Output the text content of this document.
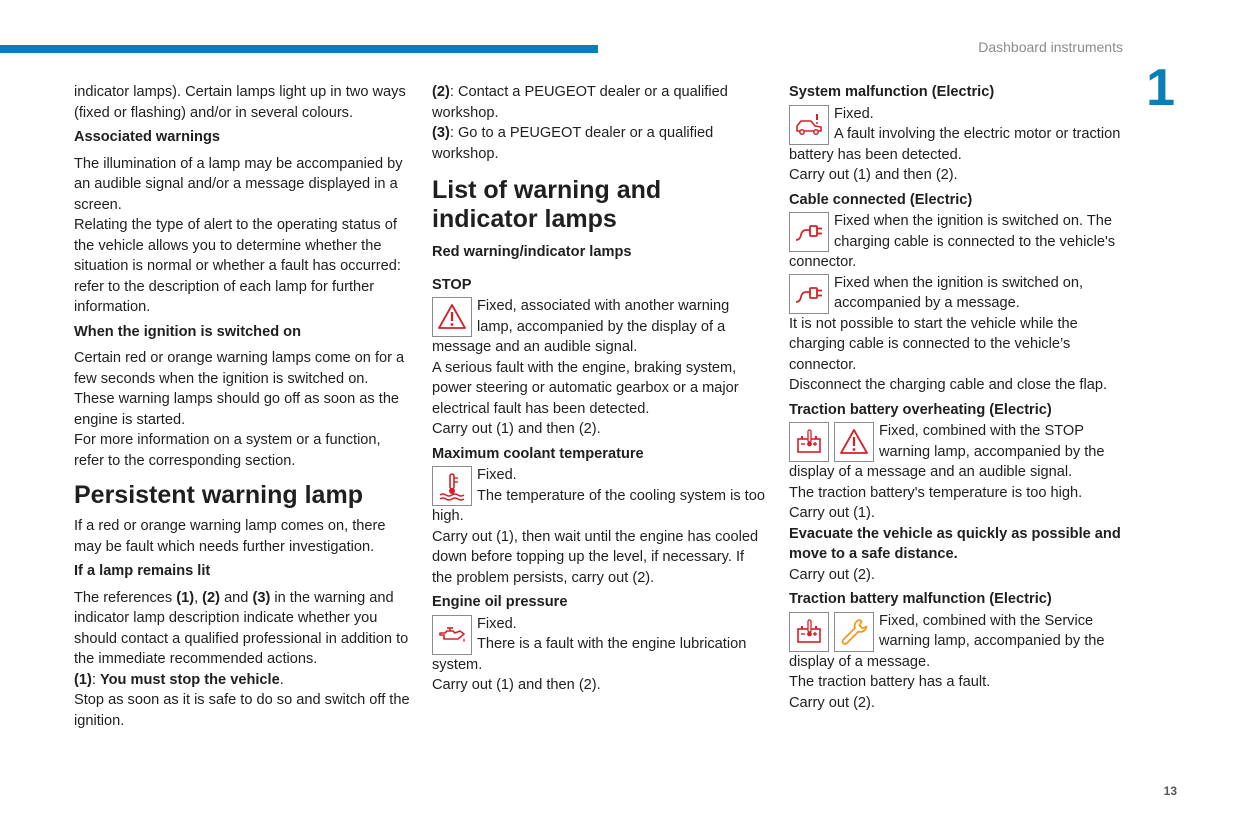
Dashboard instruments
1
13

indicator lamps). Certain lamps light up in two ways (fixed or flashing) and/or in several colours.

Associated warnings

The illumination of a lamp may be accompanied by an audible signal and/or a message displayed in a screen.

Relating the type of alert to the operating status of the vehicle allows you to determine whether the situation is normal or whether a fault has occurred: refer to the description of each lamp for further information.

When the ignition is switched on

Certain red or orange warning lamps come on for a few seconds when the ignition is switched on. These warning lamps should go off as soon as the engine is started.

For more information on a system or a function, refer to the corresponding section.

Persistent warning lamp

If a red or orange warning lamp comes on, there may be fault which needs further investigation.

If a lamp remains lit

The references (1), (2) and (3) in the warning and indicator lamp description indicate whether you should contact a qualified professional in addition to the immediate recommended actions.

(1): You must stop the vehicle.

Stop as soon as it is safe to do so and switch off the ignition.

(2): Contact a PEUGEOT dealer or a qualified workshop.

(3): Go to a PEUGEOT dealer or a qualified workshop.

List of warning and indicator lamps

Red warning/indicator lamps

STOP

Fixed, associated with another warning lamp, accompanied by the display of a message and an audible signal.

A serious fault with the engine, braking system, power steering or automatic gearbox or a major electrical fault has been detected.

Carry out (1) and then (2).

Maximum coolant temperature

Fixed.
The temperature of the cooling system is too high.

Carry out (1), then wait until the engine has cooled down before topping up the level, if necessary. If the problem persists, carry out (2).

Engine oil pressure

Fixed.
There is a fault with the engine lubrication system.

Carry out (1) and then (2).

System malfunction (Electric)

Fixed.
A fault involving the electric motor or traction battery has been detected.

Carry out (1) and then (2).

Cable connected (Electric)

Fixed when the ignition is switched on. The charging cable is connected to the vehicle's connector.
Fixed when the ignition is switched on, accompanied by a message.

It is not possible to start the vehicle while the charging cable is connected to the vehicle’s connector.

Disconnect the charging cable and close the flap.

Traction battery overheating (Electric)

Fixed, combined with the STOP warning lamp, accompanied by the display of a message and an audible signal.

The traction battery's temperature is too high.

Carry out (1).

Evacuate the vehicle as quickly as possible and move to a safe distance.

Carry out (2).

Traction battery malfunction (Electric)

Fixed, combined with the Service warning lamp, accompanied by the display of a message.

The traction battery has a fault.

Carry out (2).
